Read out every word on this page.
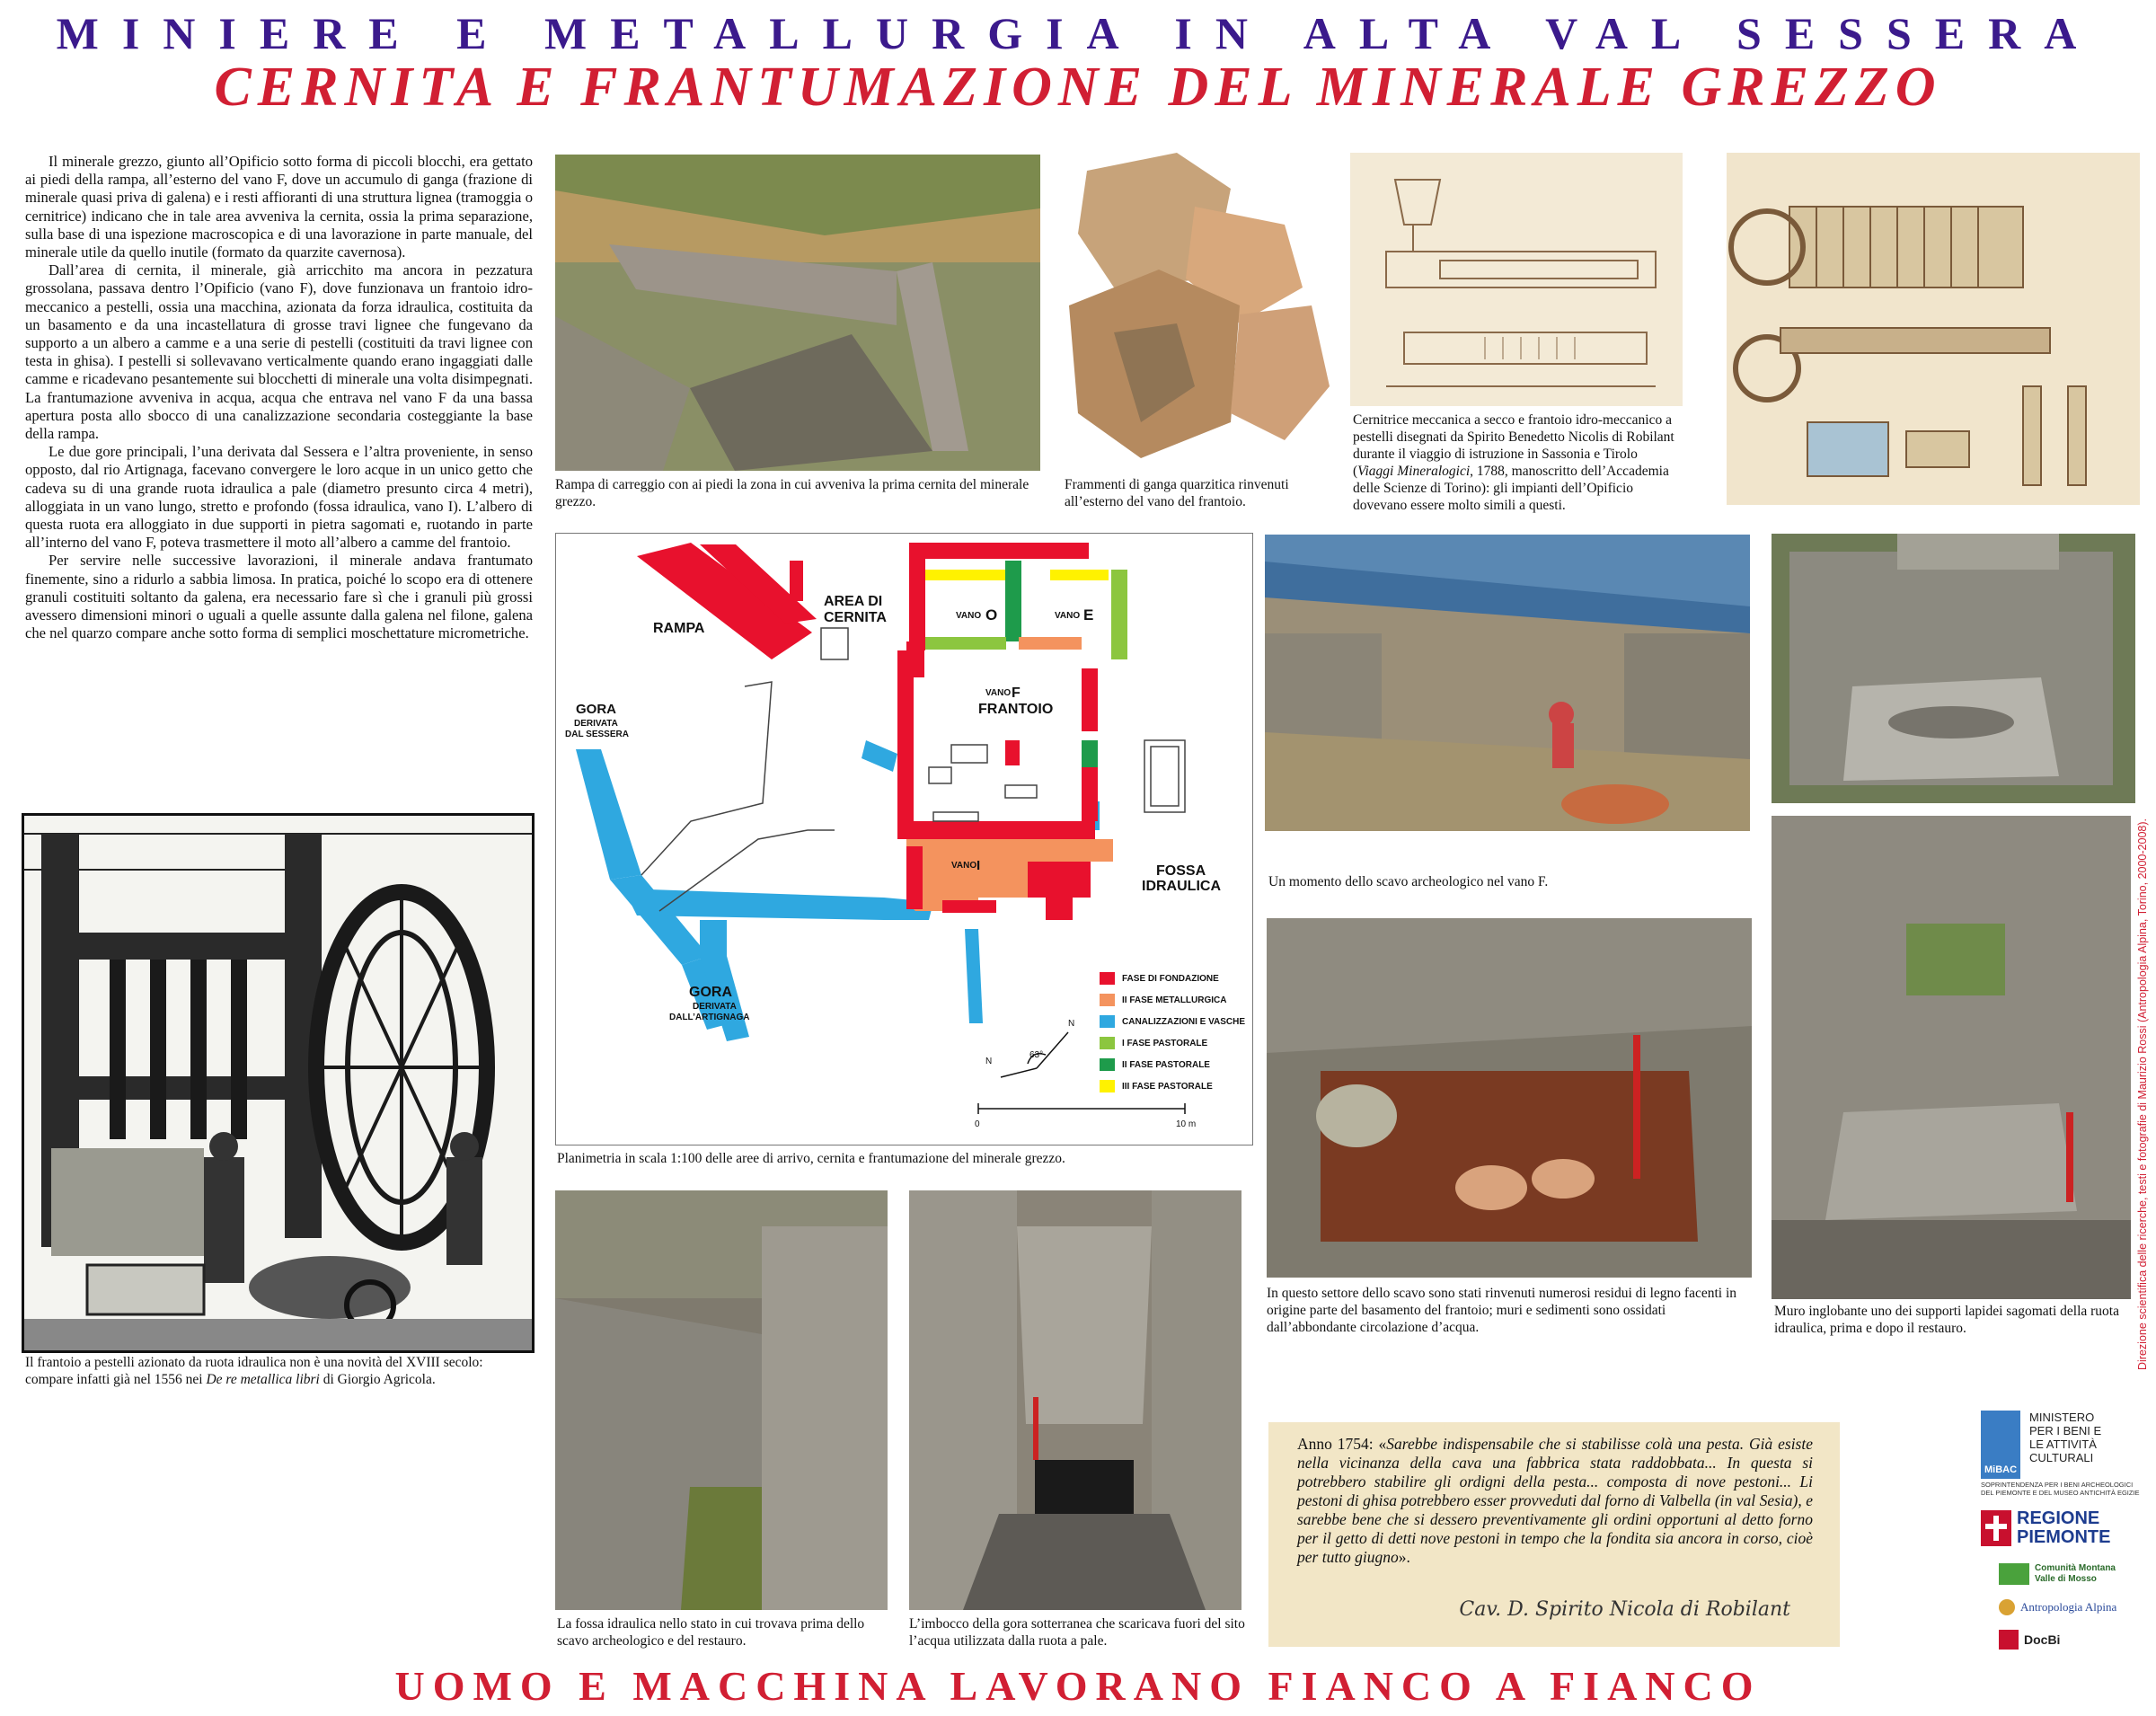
MINIERE E METALLURGIA IN ALTA VAL SESSERA
CERNITA E FRANTUMAZIONE DEL MINERALE GREZZO

Il minerale grezzo, giunto all’Opificio sotto forma di piccoli blocchi, era gettato ai piedi della rampa, all’esterno del vano F, dove un accumulo di ganga (frazione di minerale quasi priva di galena) e i resti affioranti di una struttura lignea (tramoggia o cernitrice) indicano che in tale area avveniva la cernita, ossia la prima separazione, sulla base di una ispezione macroscopica e di una lavorazione in parte manuale, del minerale utile da quello inutile (formato da quarzite cavernosa).

Dall’area di cernita, il minerale, già arricchito ma ancora in pezzatura grossolana, passava dentro l’Opificio (vano F), dove funzionava un frantoio idro-meccanico a pestelli, ossia una macchina, azionata da forza idraulica, costituita da un basamento e da una incastellatura di grosse travi lignee che fungevano da supporto a un albero a camme e a una serie di pestelli (costituiti da travi lignee con testa in ghisa). I pestelli si sollevavano verticalmente quando erano ingaggiati dalle camme e ricadevano pesantemente sui blocchetti di minerale una volta disimpegnati. La frantumazione avveniva in acqua, acqua che entrava nel vano F da una bassa apertura posta allo sbocco di una canalizzazione secondaria costeggiante la base della rampa.

Le due gore principali, l’una derivata dal Sessera e l’altra proveniente, in senso opposto, dal rio Artignaga, facevano convergere le loro acque in un unico getto che cadeva su di una grande ruota idraulica a pale (diametro presunto circa 4 metri), alloggiata in un vano lungo, stretto e profondo (fossa idraulica, vano I). L’albero di questa ruota era alloggiato in due supporti in pietra sagomati e, ruotando in parte all’interno del vano F, poteva trasmettere il moto all’albero a camme del frantoio.

Per servire nelle successive lavorazioni, il minerale andava frantumato finemente, sino a ridurlo a sabbia limosa. In pratica, poiché lo scopo era di ottenere granuli costituiti soltanto da galena, era necessario fare sì che i granuli più grossi avessero dimensioni minori o uguali a quelle assunte dalla galena nel filone, galena che nel quarzo compare anche sotto forma di semplici moschettature micrometriche.

Il frantoio a pestelli azionato da ruota idraulica non è una novità del XVIII secolo: compare infatti già nel 1556 nei De re metallica libri di Giorgio Agricola.
Rampa di carreggio con ai piedi la zona in cui avveniva la prima cernita del minerale grezzo.
Frammenti di ganga quarzitica rinvenuti all’esterno del vano del frantoio.
Cernitrice meccanica a secco e frantoio idro-meccanico a pestelli disegnati da Spirito Benedetto Nicolis di Robilant durante il viaggio di istruzione in Sassonia e Tirolo (Viaggi Mineralogici, 1788, manoscritto dell’Accademia delle Scienze di Torino): gli impianti dell’Opificio dovevano essere molto simili a questi.
RAMPA
AREA DI
CERNITA	VANO O	VANO E
VANO F
FRANTOIO
GORA
DERIVATA
DAL SESSERA
VANO I	FOSSA
IDRAULICA
GORA
DERIVATA
DALL’ARTIGNAGA
N
N
63°
0	10 m
FASE DI FONDAZIONE
II FASE METALLURGICA
CANALIZZAZIONI E VASCHE
I FASE PASTORALE
II FASE PASTORALE
III FASE PASTORALE
Planimetria in scala 1:100 delle aree di arrivo, cernita e frantumazione del minerale grezzo.
Un momento dello scavo archeologico nel vano F.
Muro inglobante uno dei supporti lapidei sagomati della ruota idraulica, prima e dopo il restauro.
In questo settore dello scavo sono stati rinvenuti numerosi residui di legno facenti in origine parte del basamento del frantoio; muri e sedimenti sono ossidati dall’abbondante circolazione d’acqua.
La fossa idraulica nello stato in cui trovava prima dello scavo archeologico e del restauro.
L’imbocco della gora sotterranea che scaricava fuori del sito l’acqua utilizzata dalla ruota a pale.
Anno 1754: «Sarebbe indispensabile che si stabilisse colà una pesta. Già esiste nella vicinanza della cava una fabbrica stata raddobbata... In questa si potrebbero stabilire gli ordigni della pesta... composta di nove pestoni... Li pestoni di ghisa potrebbero esser provveduti dal forno di Valbella (in val Sesia), e sarebbe bene che si dessero preventivamente gli ordini opportuni al detto forno per il getto di detti nove pestoni in tempo che la fondita sia ancora in corso, cioè per tutto giugno».
Cav. D. Spirito Nicola di Robilant
Direzione scientifica delle ricerche, testi e fotografie di Maurizio Rossi (Antropologia Alpina, Torino, 2000-2008).
MiBAC
MINISTERO
PER I BENI E
LE ATTIVITÀ
CULTURALI
SOPRINTENDENZA PER I BENI ARCHEOLOGICI DEL PIEMONTE E DEL MUSEO ANTICHITÀ EGIZIE
REGIONE
PIEMONTE
Comunità Montana
Valle di Mosso
Antropologia Alpina
DocBi
UOMO E MACCHINA LAVORANO FIANCO A FIANCO
